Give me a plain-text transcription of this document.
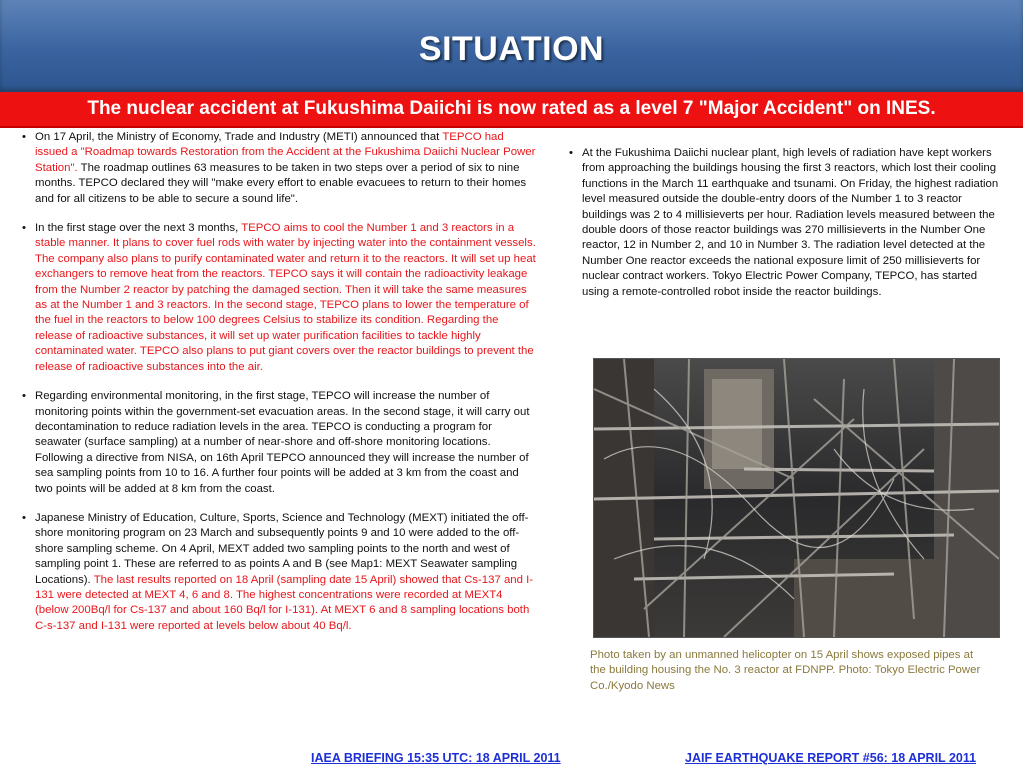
SITUATION
The nuclear accident at Fukushima Daiichi is now rated as a level 7 "Major Accident" on INES.
• On 17 April, the Ministry of Economy, Trade and Industry (METI) announced that TEPCO had issued a "Roadmap towards Restoration from the Accident at the Fukushima Daiichi Nuclear Power Station". The roadmap outlines 63 measures to be taken in two steps over a period of six to nine months. TEPCO declared they will "make every effort to enable evacuees to return to their homes and for all citizens to be able to secure a sound life".
• In the first stage over the next 3 months, TEPCO aims to cool the Number 1 and 3 reactors in a stable manner. It plans to cover fuel rods with water by injecting water into the containment vessels. The company also plans to purify contaminated water and return it to the reactors. It will set up heat exchangers to remove heat from the reactors. TEPCO says it will contain the radioactivity leakage from the Number 2 reactor by patching the damaged section. Then it will take the same measures as at the Number 1 and 3 reactors. In the second stage, TEPCO plans to lower the temperature of the fuel in the reactors to below 100 degrees Celsius to stabilize its condition. Regarding the release of radioactive substances, it will set up water purification facilities to tackle highly contaminated water. TEPCO also plans to put giant covers over the reactor buildings to prevent the release of radioactive substances into the air.
• Regarding environmental monitoring, in the first stage, TEPCO will increase the number of monitoring points within the government-set evacuation areas. In the second stage, it will carry out decontamination to reduce radiation levels in the area. TEPCO is conducting a program for seawater (surface sampling) at a number of near-shore and off-shore monitoring locations. Following a directive from NISA, on 16th April TEPCO announced they will increase the number of sea sampling points from 10 to 16. A further four points will be added at 3 km from the coast and two points will be added at 8 km from the coast.
• Japanese Ministry of Education, Culture, Sports, Science and Technology (MEXT) initiated the off-shore monitoring program on 23 March and subsequently points 9 and 10 were added to the off-shore sampling scheme. On 4 April, MEXT added two sampling points to the north and west of sampling point 1. These are referred to as points A and B (see Map1: MEXT Seawater sampling Locations). The last results reported on 18 April (sampling date 15 April) showed that Cs-137 and I-131 were detected at MEXT 4, 6 and 8. The highest concentrations were recorded at MEXT4 (below 200Bq/l for Cs-137 and about 160 Bq/l for I-131). At MEXT 6 and 8 sampling locations both C-s-137 and I-131 were reported at levels below about 40 Bq/l.
• At the Fukushima Daiichi nuclear plant, high levels of radiation have kept workers from approaching the buildings housing the first 3 reactors, which lost their cooling functions in the March 11 earthquake and tsunami. On Friday, the highest radiation level measured outside the double-entry doors of the Number 1 to 3 reactor buildings was 2 to 4 millisieverts per hour. Radiation levels measured between the double doors of those reactor buildings was 270 millisieverts in the Number One reactor, 12 in Number 2, and 10 in Number 3. The radiation level detected at the Number One reactor exceeds the national exposure limit of 250 millisieverts for nuclear contract workers. Tokyo Electric Power Company, TEPCO, has started using a remote-controlled robot inside the reactor buildings.
Photo taken by an unmanned helicopter on 15 April shows exposed pipes at the building housing the No. 3 reactor at FDNPP. Photo: Tokyo Electric Power Co./Kyodo News
IAEA BRIEFING 15:35 UTC: 18 APRIL 2011	JAIF EARTHQUAKE REPORT #56: 18 APRIL 2011
